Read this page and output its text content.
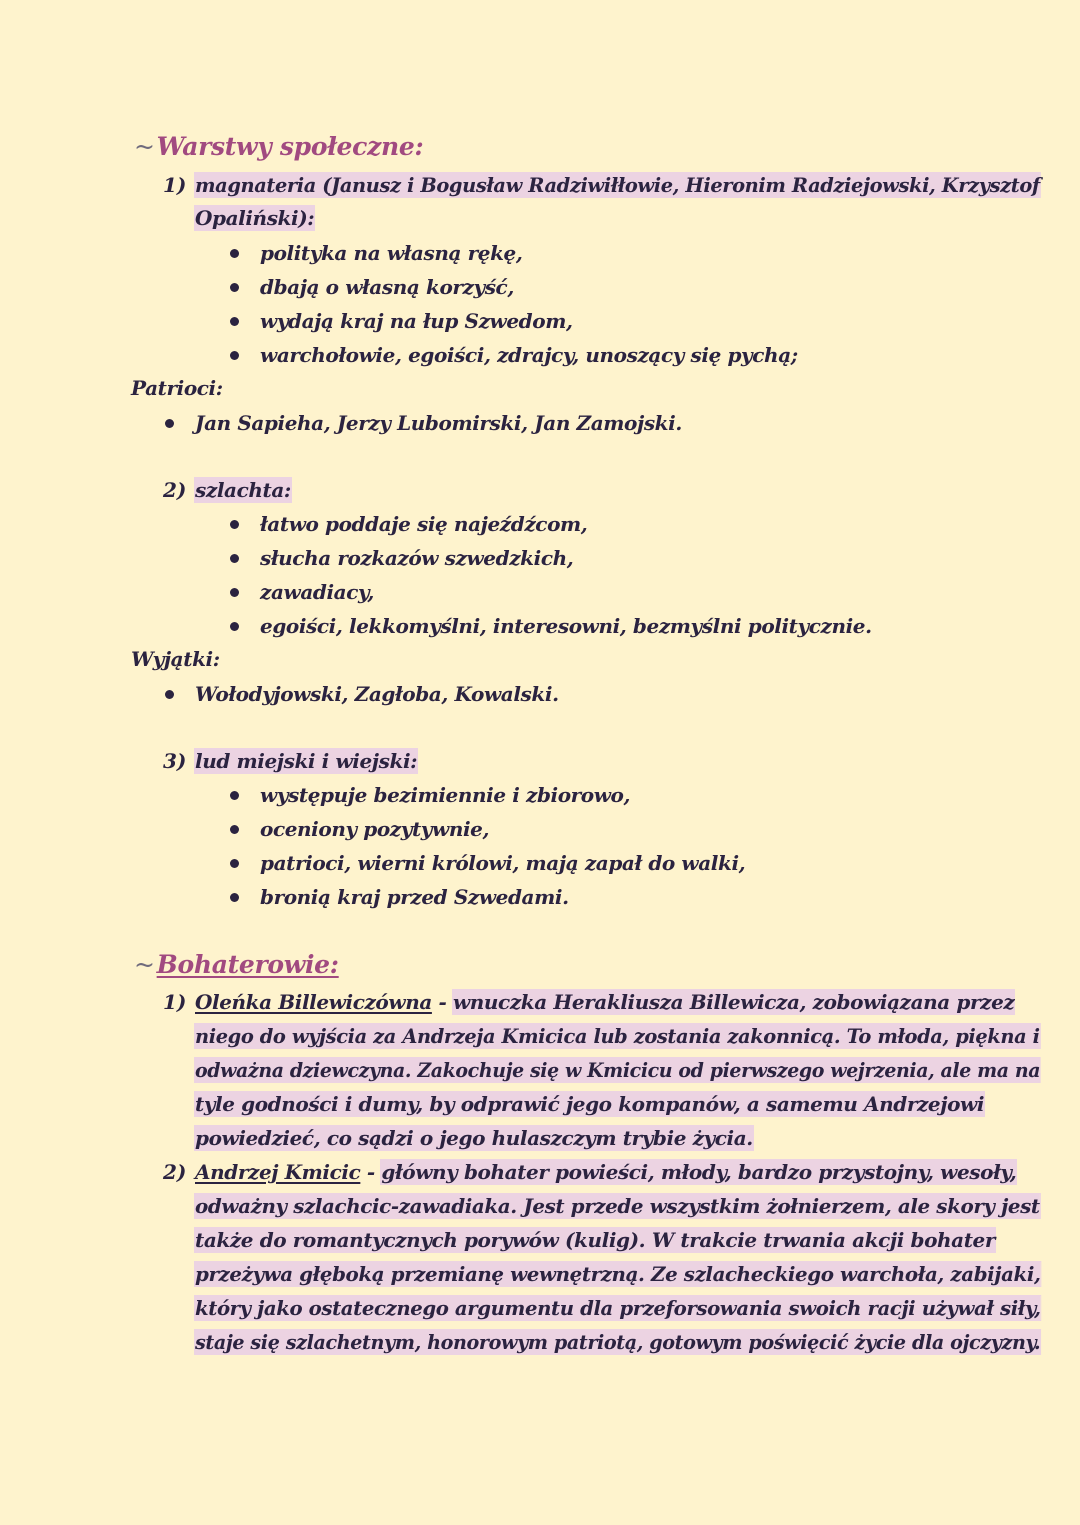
~Warstwy społeczne:
1) magnateria (Janusz i Bogusław Radziwiłłowie, Hieronim Radziejowski, Krzysztof
Opaliński):
polityka na własną rękę,
dbają o własną korzyść,
wydają kraj na łup Szwedom,
warchołowie, egoiści, zdrajcy, unoszący się pychą;
Patrioci:
Jan Sapieha, Jerzy Lubomirski, Jan Zamojski.
2) szlachta:
łatwo poddaje się najeźdźcom,
słucha rozkazów szwedzkich,
zawadiacy,
egoiści, lekkomyślni, interesowni, bezmyślni politycznie.
Wyjątki:
Wołodyjowski, Zagłoba, Kowalski.
3) lud miejski i wiejski:
występuje bezimiennie i zbiorowo,
oceniony pozytywnie,
patrioci, wierni królowi, mają zapał do walki,
bronią kraj przed Szwedami.
~Bohaterowie:
1) Oleńka Billewiczówna - wnuczka Herakliusza Billewicza, zobowiązana przez
niego do wyjścia za Andrzeja Kmicica lub zostania zakonnicą. To młoda, piękna i
odważna dziewczyna. Zakochuje się w Kmicicu od pierwszego wejrzenia, ale ma na
tyle godności i dumy, by odprawić jego kompanów, a samemu Andrzejowi
powiedzieć, co sądzi o jego hulaszczym trybie życia.
2) Andrzej Kmicic - główny bohater powieści, młody, bardzo przystojny, wesoły,
odważny szlachcic-zawadiaka. Jest przede wszystkim żołnierzem, ale skory jest
także do romantycznych porywów (kulig). W trakcie trwania akcji bohater
przeżywa głęboką przemianę wewnętrzną. Ze szlacheckiego warchoła, zabijaki,
który jako ostatecznego argumentu dla przeforsowania swoich racji używał siły,
staje się szlachetnym, honorowym patriotą, gotowym poświęcić życie dla ojczyzny.
